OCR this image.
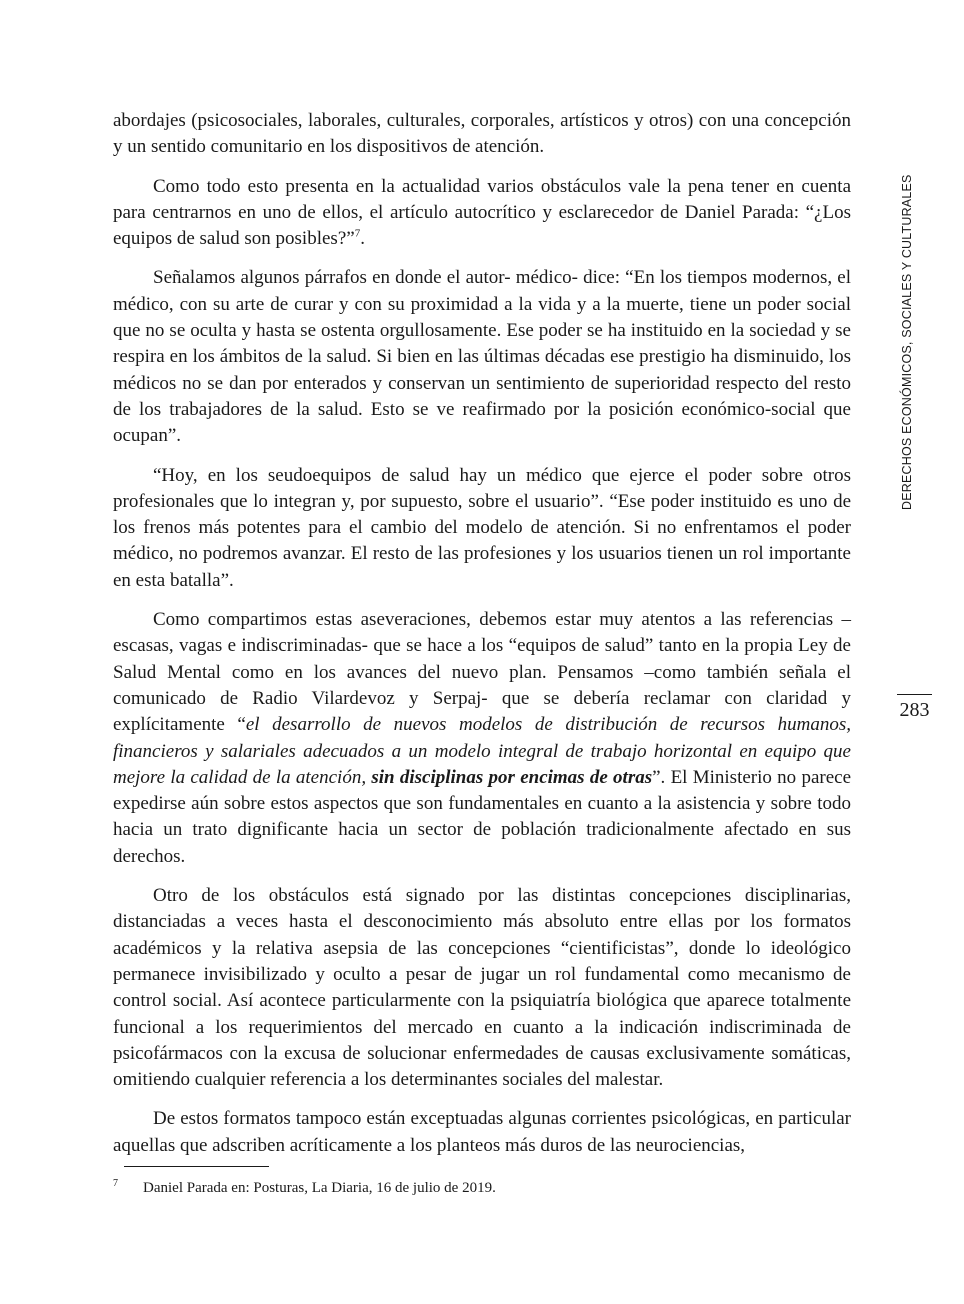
abordajes (psicosociales, laborales, culturales, corporales, artísticos y otros) con una concepción y un sentido comunitario en los dispositivos de atención.

Como todo esto presenta en la actualidad varios obstáculos vale la pena tener en cuenta para centrarnos en uno de ellos, el artículo autocrítico y esclarecedor de Daniel Parada: “¿Los equipos de salud son posibles?”$^7$.

Señalamos algunos párrafos en donde el autor- médico- dice: “En los tiempos modernos, el médico, con su arte de curar y con su proximidad a la vida y a la muerte, tiene un poder social que no se oculta y hasta se ostenta orgullosamente. Ese poder se ha instituido en la sociedad y se respira en los ámbitos de la salud. Si bien en las últimas décadas ese prestigio ha disminuido, los médicos no se dan por enterados y conservan un sentimiento de superioridad respecto del resto de los trabajadores de la salud. Esto se ve reafirmado por la posición económico-social que ocupan”.

“Hoy, en los seudoequipos de salud hay un médico que ejerce el poder sobre otros profesionales que lo integran y, por supuesto, sobre el usuario”. “Ese poder instituido es uno de los frenos más potentes para el cambio del modelo de atención. Si no enfrentamos el poder médico, no podremos avanzar. El resto de las profesiones y los usuarios tienen un rol importante en esta batalla”.

Como compartimos estas aseveraciones, debemos estar muy atentos a las referencias –escasas, vagas e indiscriminadas- que se hace a los “equipos de salud” tanto en la propia Ley de Salud Mental como en los avances del nuevo plan. Pensamos –como también señala el comunicado de Radio Vilardevoz y Serpaj- que se debería reclamar con claridad y explícitamente “el desarrollo de nuevos modelos de distribución de recursos humanos, financieros y salariales adecuados a un modelo integral de trabajo horizontal en equipo que mejore la calidad de la atención, sin disciplinas por encimas de otras”. El Ministerio no parece expedirse aún sobre estos aspectos que son fundamentales en cuanto a la asistencia y sobre todo hacia un trato dignificante hacia un sector de población tradicionalmente afectado en sus derechos.

Otro de los obstáculos está signado por las distintas concepciones disciplinarias, distanciadas a veces hasta el desconocimiento más absoluto entre ellas por los formatos académicos y la relativa asepsia de las concepciones “cientificistas”, donde lo ideológico permanece invisibilizado y oculto a pesar de jugar un rol fundamental como mecanismo de control social. Así acontece particularmente con la psiquiatría biológica que aparece totalmente funcional a los requerimientos del mercado en cuanto a la indicación indiscriminada de psicofármacos con la excusa de solucionar enfermedades de causas exclusivamente somáticas, omitiendo cualquier referencia a los determinantes sociales del malestar.

De estos formatos tampoco están exceptuadas algunas corrientes psicológicas, en particular aquellas que adscriben acríticamente a los planteos más duros de las neurociencias,

DERECHOS ECONÓMICOS, SOCIALES Y CULTURALES
283
7 Daniel Parada en: Posturas, La Diaria, 16 de julio de 2019.
